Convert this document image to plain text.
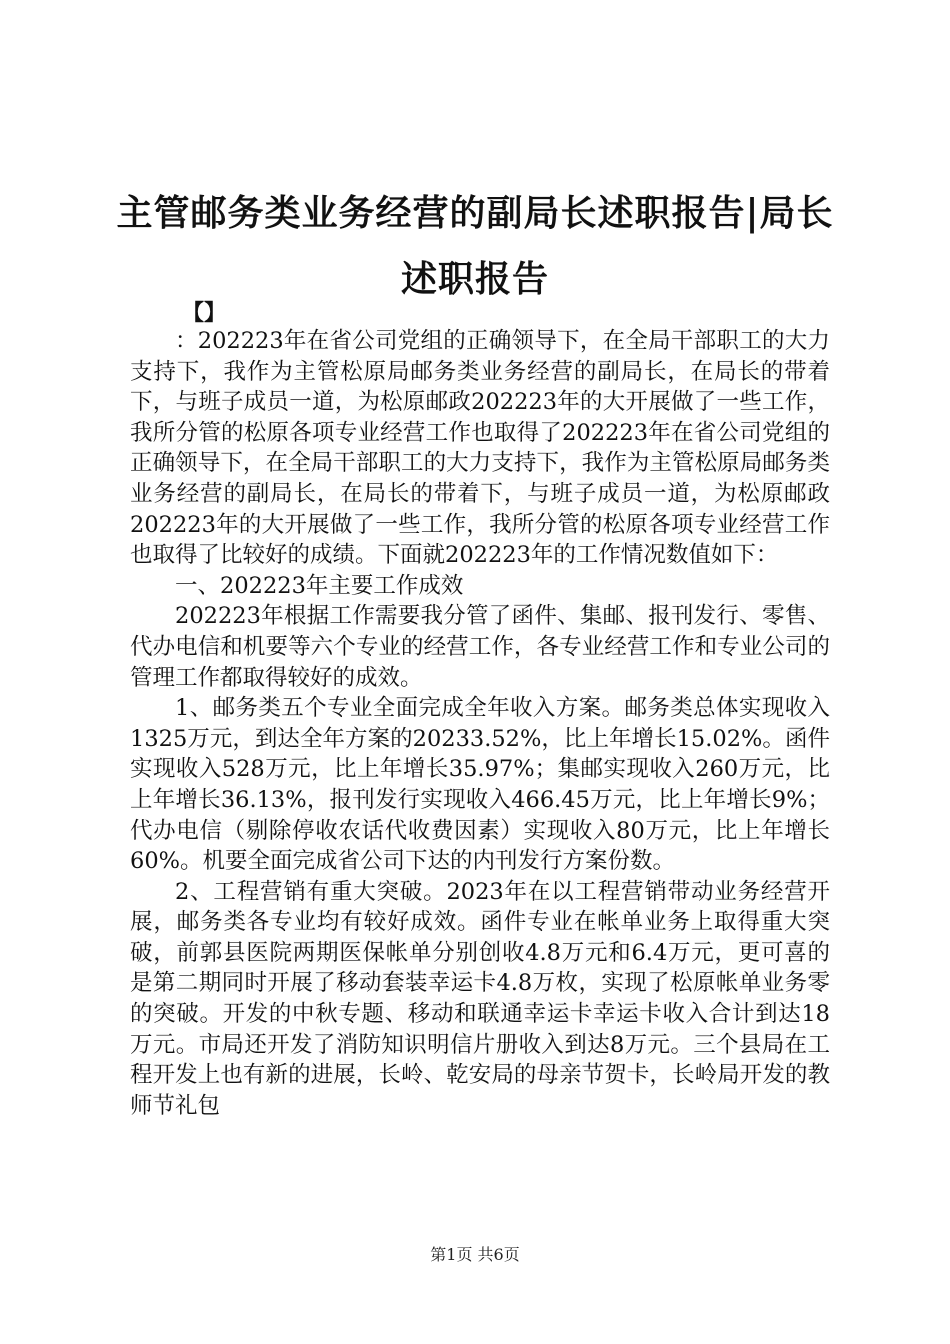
主管邮务类业务经营的副局长述职报告|局长述职报告
【】

：202223年在省公司党组的正确领导下，在全局干部职工的大力支持下，我作为主管松原局邮务类业务经营的副局长，在局长的带着下，与班子成员一道，为松原邮政202223年的大开展做了一些工作，我所分管的松原各项专业经营工作也取得了202223年在省公司党组的正确领导下，在全局干部职工的大力支持下，我作为主管松原局邮务类业务经营的副局长，在局长的带着下，与班子成员一道，为松原邮政202223年的大开展做了一些工作，我所分管的松原各项专业经营工作也取得了比较好的成绩。下面就202223年的工作情况数值如下：

一、202223年主要工作成效

202223年根据工作需要我分管了函件、集邮、报刊发行、零售、代办电信和机要等六个专业的经营工作，各专业经营工作和专业公司的管理工作都取得较好的成效。

1、邮务类五个专业全面完成全年收入方案。邮务类总体实现收入1325万元，到达全年方案的20233.52%，比上年增长15.02%。函件实现收入528万元，比上年增长35.97%；集邮实现收入260万元，比上年增长36.13%，报刊发行实现收入466.45万元，比上年增长9%；代办电信（剔除停收农话代收费因素）实现收入80万元，比上年增长60%。机要全面完成省公司下达的内刊发行方案份数。

2、工程营销有重大突破。2023年在以工程营销带动业务经营开展，邮务类各专业均有较好成效。函件专业在帐单业务上取得重大突破，前郭县医院两期医保帐单分别创收4.8万元和6.4万元，更可喜的是第二期同时开展了移动套装幸运卡4.8万枚，实现了松原帐单业务零的突破。开发的中秋专题、移动和联通幸运卡幸运卡收入合计到达18万元。市局还开发了消防知识明信片册收入到达8万元。三个县局在工程开发上也有新的进展，长岭、乾安局的母亲节贺卡，长岭局开发的教师节礼包

第1页 共6页
